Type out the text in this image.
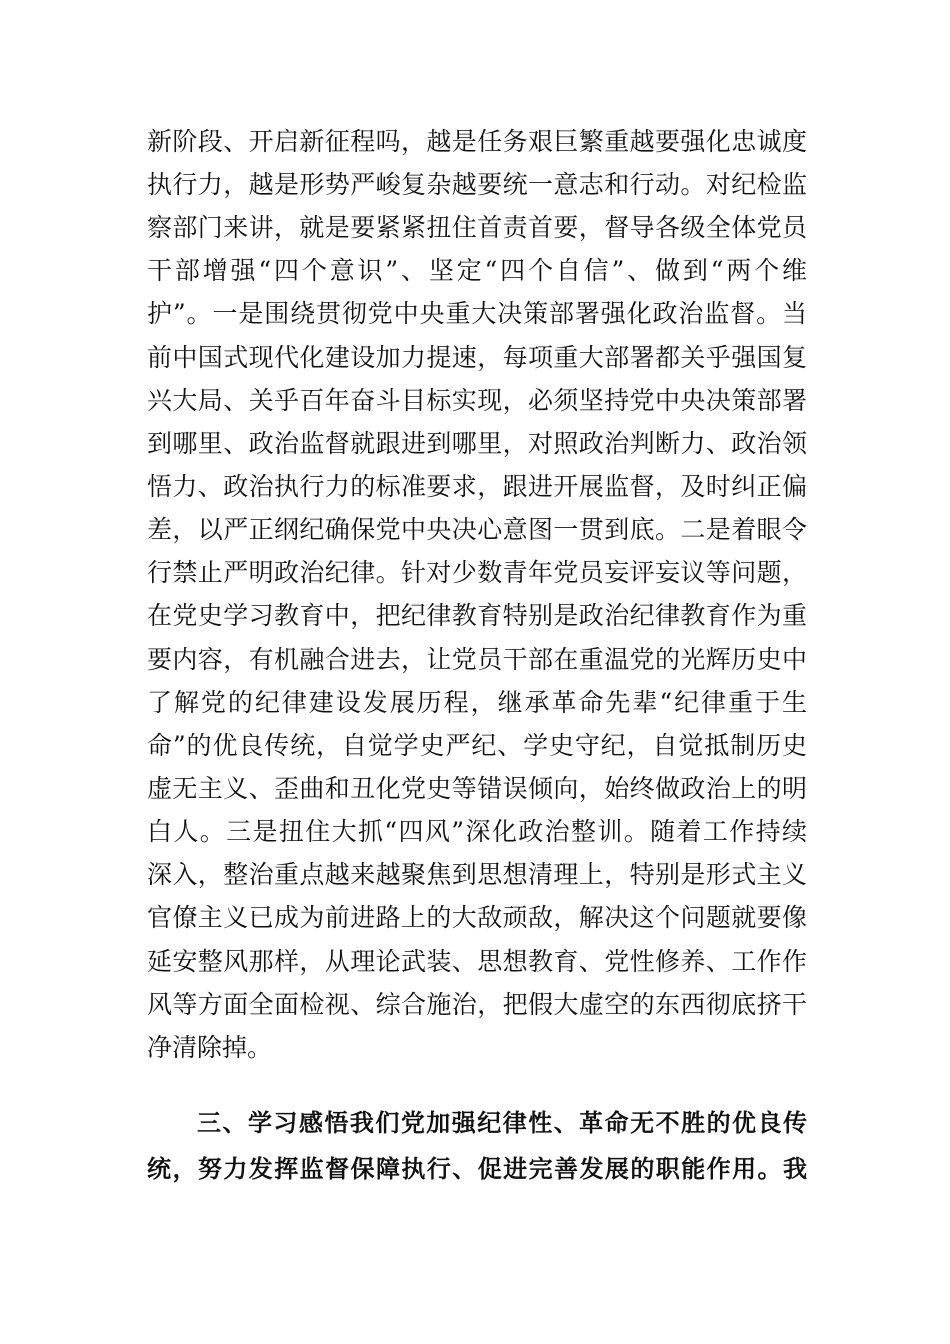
新阶段、开启新征程吗，越是任务艰巨繁重越要强化忠诚度
执行力，越是形势严峻复杂越要统一意志和行动。对纪检监
察部门来讲，就是要紧紧扭住首责首要，督导各级全体党员
干部增强“四个意识”、坚定“四个自信”、做到“两个维
护”。一是围绕贯彻党中央重大决策部署强化政治监督。当
前中国式现代化建设加力提速，每项重大部署都关乎强国复
兴大局、关乎百年奋斗目标实现，必须坚持党中央决策部署
到哪里、政治监督就跟进到哪里，对照政治判断力、政治领
悟力、政治执行力的标准要求，跟进开展监督，及时纠正偏
差，以严正纲纪确保党中央决心意图一贯到底。二是着眼令
行禁止严明政治纪律。针对少数青年党员妄评妄议等问题，
在党史学习教育中，把纪律教育特别是政治纪律教育作为重
要内容，有机融合进去，让党员干部在重温党的光辉历史中
了解党的纪律建设发展历程，继承革命先辈“纪律重于生
命”的优良传统，自觉学史严纪、学史守纪，自觉抵制历史
虚无主义、歪曲和丑化党史等错误倾向，始终做政治上的明
白人。三是扭住大抓“四风”深化政治整训。随着工作持续
深入，整治重点越来越聚焦到思想清理上，特别是形式主义
官僚主义已成为前进路上的大敌顽敌，解决这个问题就要像
延安整风那样，从理论武装、思想教育、党性修养、工作作
风等方面全面检视、综合施治，把假大虚空的东西彻底挤干
净清除掉。
三、学习感悟我们党加强纪律性、革命无不胜的优良传
统，努力发挥监督保障执行、促进完善发展的职能作用。我
